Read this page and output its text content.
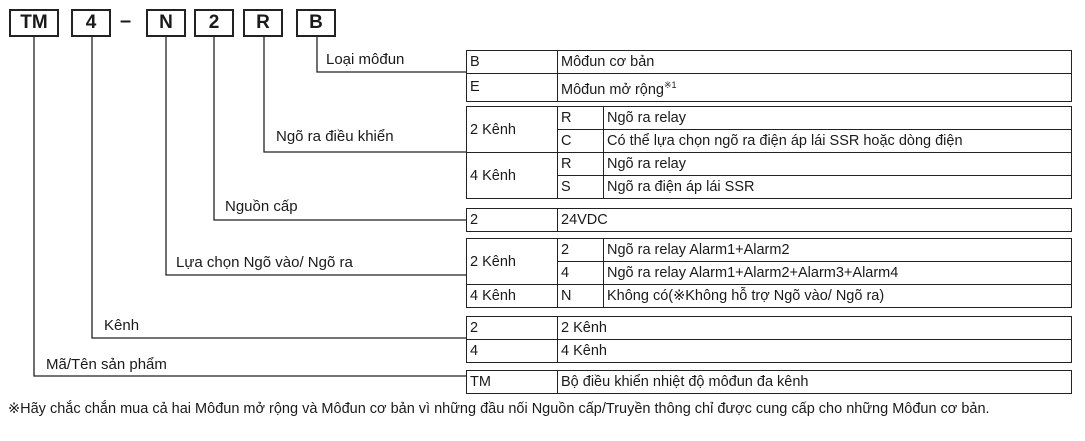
TM	4	–	N	2	R	B
Loại môđun
Ngõ ra điều khiển
Nguồn cấp
Lựa chọn Ngõ vào/ Ngõ ra
Kênh
Mã/Tên sản phẩm
B	Môđun cơ bản
E	Môđun mở rộng$^{※1}$
2 Kênh	R	Ngõ ra relay
	C	Có thể lựa chọn ngõ ra điện áp lái SSR hoặc dòng điện
4 Kênh	R	Ngõ ra relay
	S	Ngõ ra điện áp lái SSR
2	24VDC
2 Kênh	2	Ngõ ra relay Alarm1+Alarm2
	4	Ngõ ra relay Alarm1+Alarm2+Alarm3+Alarm4
4 Kênh	N	Không có(※Không hỗ trợ Ngõ vào/ Ngõ ra)
2	2 Kênh
4	4 Kênh
TM	Bộ điều khiển nhiệt độ môđun đa kênh
※Hãy chắc chắn mua cả hai Môđun mở rộng và Môđun cơ bản vì những đầu nối Nguồn cấp/Truyền thông chỉ được cung cấp cho những Môđun cơ bản.
